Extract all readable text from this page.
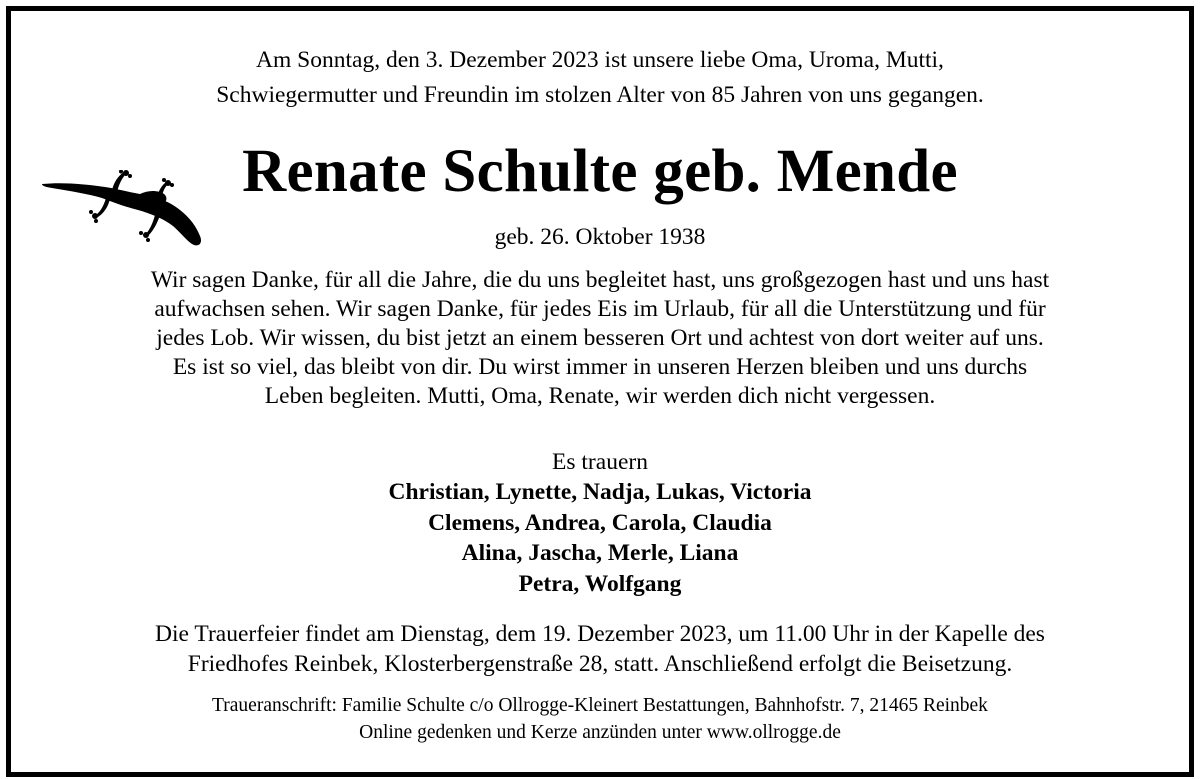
Am Sonntag, den 3. Dezember 2023 ist unsere liebe Oma, Uroma, Mutti,
Schwiegermutter und Freundin im stolzen Alter von 85 Jahren von uns gegangen.
Renate Schulte geb. Mende
geb. 26. Oktober 1938
Wir sagen Danke, für all die Jahre, die du uns begleitet hast, uns großgezogen hast und uns hast
aufwachsen sehen. Wir sagen Danke, für jedes Eis im Urlaub, für all die Unterstützung und für
jedes Lob. Wir wissen, du bist jetzt an einem besseren Ort und achtest von dort weiter auf uns.
Es ist so viel, das bleibt von dir. Du wirst immer in unseren Herzen bleiben und uns durchs
Leben begleiten. Mutti, Oma, Renate, wir werden dich nicht vergessen.
Es trauern
Christian, Lynette, Nadja, Lukas, Victoria
Clemens, Andrea, Carola, Claudia
Alina, Jascha, Merle, Liana
Petra, Wolfgang
Die Trauerfeier findet am Dienstag, dem 19. Dezember 2023, um 11.00 Uhr in der Kapelle des
Friedhofes Reinbek, Klosterbergenstraße 28, statt. Anschließend erfolgt die Beisetzung.
Traueranschrift: Familie Schulte c/o Ollrogge-Kleinert Bestattungen, Bahnhofstr. 7, 21465 Reinbek
Online gedenken und Kerze anzünden unter www.ollrogge.de
